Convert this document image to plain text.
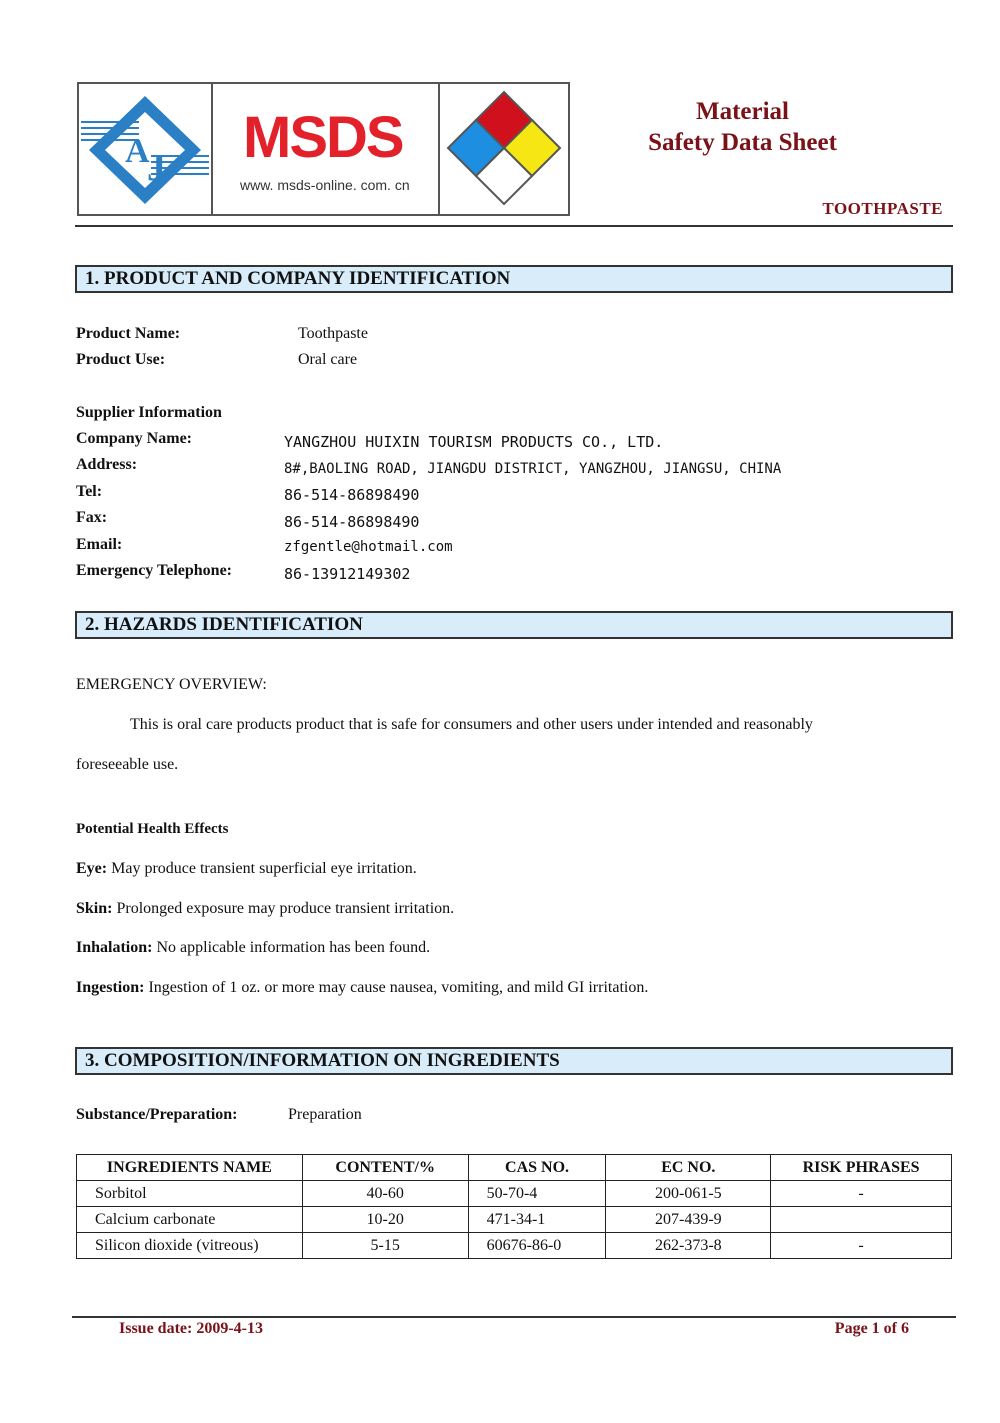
A
J MSDS
www. msds-online. com. cn
Material
Safety Data Sheet
TOOTHPASTE
1. PRODUCT AND COMPANY IDENTIFICATION
Product Name:	Toothpaste
Product Use:	Oral care
Supplier Information
Company Name:	YANGZHOU HUIXIN TOURISM PRODUCTS CO., LTD.
Address:	8#,BAOLING ROAD, JIANGDU DISTRICT, YANGZHOU, JIANGSU, CHINA
Tel:	86-514-86898490
Fax:	86-514-86898490
Email:	zfgentle@hotmail.com
Emergency Telephone:	86-13912149302
2. HAZARDS IDENTIFICATION
EMERGENCY OVERVIEW:
This is oral care products product that is safe for consumers and other users under intended and reasonably
foreseeable use.
Potential Health Effects
Eye: May produce transient superficial eye irritation.
Skin: Prolonged exposure may produce transient irritation.
Inhalation: No applicable information has been found.
Ingestion: Ingestion of 1 oz. or more may cause nausea, vomiting, and mild GI irritation.
3. COMPOSITION/INFORMATION ON INGREDIENTS
Substance/Preparation:	Preparation
INGREDIENTS NAME	CONTENT/%	CAS NO.	EC NO.	RISK PHRASES
Sorbitol	40-60	50-70-4	200-061-5	-
Calcium carbonate	10-20	471-34-1	207-439-9	
Silicon dioxide (vitreous)	5-15	60676-86-0	262-373-8	-
Issue date: 2009-4-13	Page 1 of 6
